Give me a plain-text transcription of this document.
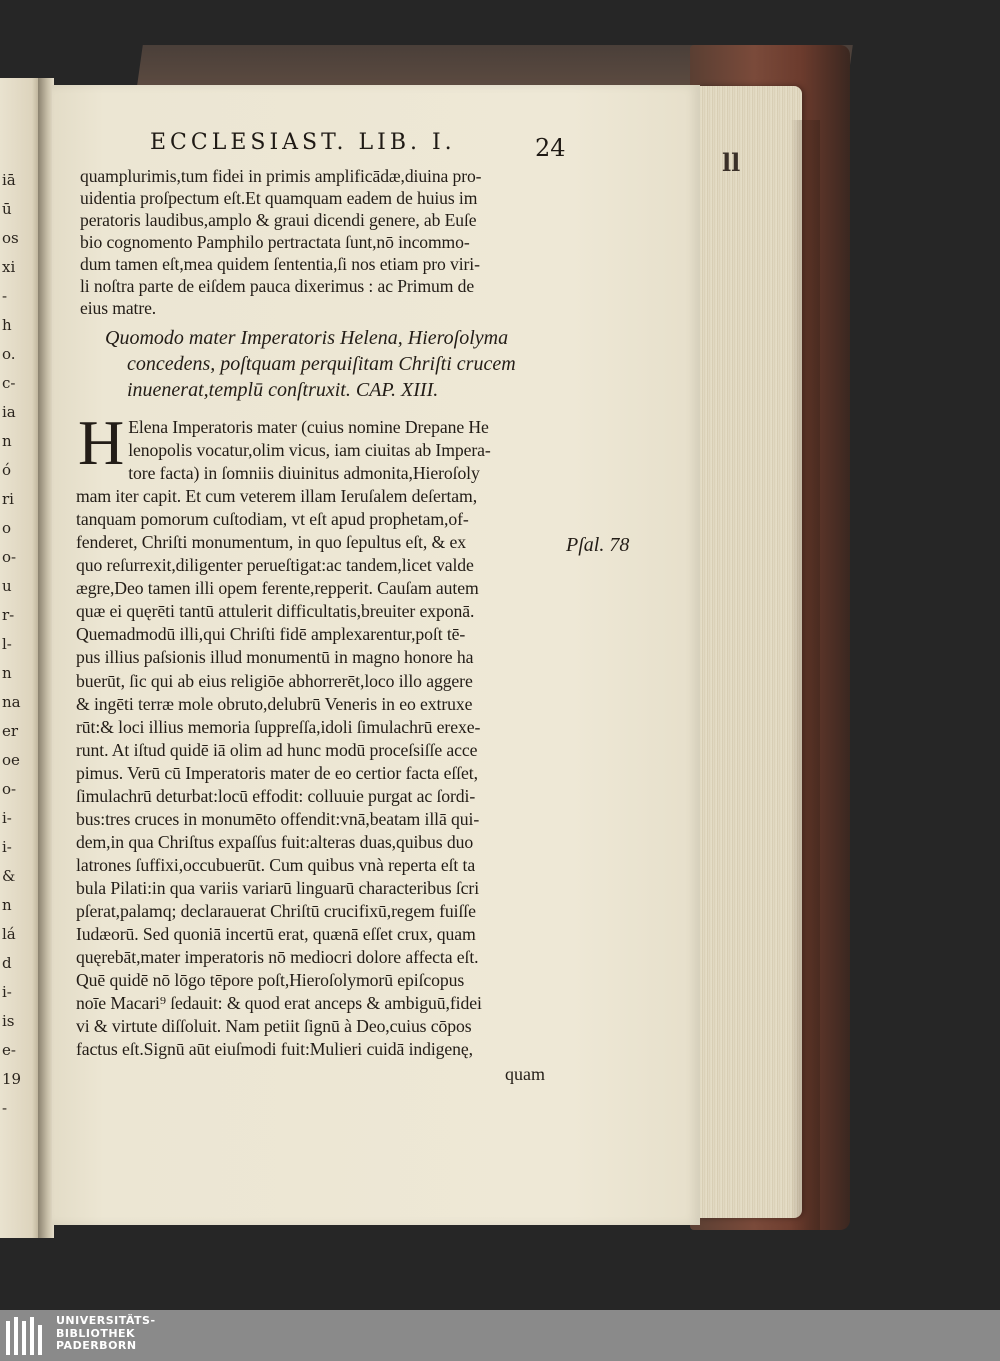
iā
ū
os
xi
-
h
o.
c-
ia
n
ó
ri
o
o-
u
r-
l-
n
na
er
oe
o-
i-
i-
&
n
lá
d
i-
is
e-
19
-
ll
ECCLESIAST. LIB. I.	24
quamplurimis,tum fidei in primis amplificādæ,diuina pro-
uidentia proſpectum eſt.Et quamquam eadem de huius im
peratoris laudibus,amplo & graui dicendi genere, ab Euſe
bio cognomento Pamphilo pertractata ſunt,nō incommo-
dum tamen eſt,mea quidem ſententia,ſi nos etiam pro viri-
li noſtra parte de eiſdem pauca dixerimus : ac Primum de
eius matre.
Quomodo mater Imperatoris Helena, Hieroſolyma
concedens, poſtquam perquiſitam Chriſti crucem
inuenerat,templū conſtruxit. CAP. XIII.
H Elena Imperatoris mater (cuius nomine Drepane He
lenopolis vocatur,olim vicus, iam ciuitas ab Impera-
tore facta) in ſomniis diuinitus admonita,Hieroſoly
mam iter capit. Et cum veterem illam Ieruſalem deſertam,
tanquam pomorum cuſtodiam, vt eſt apud prophetam,of-
fenderet, Chriſti monumentum, in quo ſepultus eſt, & ex
quo reſurrexit,diligenter perueſtigat:ac tandem,licet valde
ægre,Deo tamen illi opem ferente,repperit. Cauſam autem
quæ ei quęrēti tantū attulerit difficultatis,breuiter exponā.
Quemadmodū illi,qui Chriſti fidē amplexarentur,poſt tē-
pus illius paſsionis illud monumentū in magno honore ha
buerūt, ſic qui ab eius religiōe abhorrerēt,loco illo aggere
& ingēti terræ mole obruto,delubrū Veneris in eo extruxe
rūt:& loci illius memoria ſuppreſſa,idoli ſimulachrū erexe-
runt. At iſtud quidē iā olim ad hunc modū proceſsiſſe acce
pimus. Verū cū Imperatoris mater de eo certior facta eſſet,
ſimulachrū deturbat:locū effodit: colluuie purgat ac ſordi-
bus:tres cruces in monumēto offendit:vnā,beatam illā qui-
dem,in qua Chriſtus expaſſus fuit:alteras duas,quibus duo
latrones ſuffixi,occubuerūt. Cum quibus vnà reperta eſt ta
bula Pilati:in qua variis variarū linguarū characteribus ſcri
pſerat,palamq; declarauerat Chriſtū crucifixū,regem fuiſſe
Iudæorū. Sed quoniā incertū erat, quænā eſſet crux, quam
quęrebāt,mater imperatoris nō mediocri dolore affecta eſt.
Quē quidē nō lōgo tēpore poſt,Hieroſolymorū epiſcopus
noīe Macari⁹ ſedauit: & quod erat anceps & ambiguū,fidei
vi & virtute diſſoluit. Nam petiit ſignū à Deo,cuius cōpos
factus eſt.Signū aūt eiuſmodi fuit:Mulieri cuidā indigenę,
Pſal. 78
quam
UNIVERSITÄTS-
BIBLIOTHEK
PADERBORN
